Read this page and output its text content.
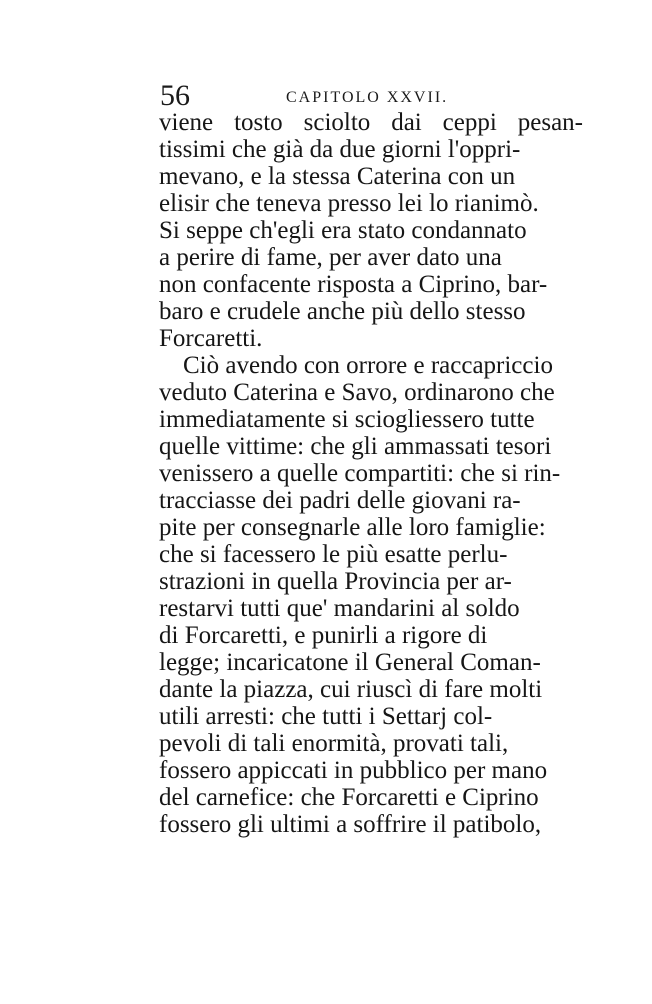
56	CAPITOLO XXVII.
viene tosto sciolto dai ceppi pesan-
tissimi che già da due giorni l'oppri-
mevano, e la stessa Caterina con un
elisir che teneva presso lei lo rianimò.
Si seppe ch'egli era stato condannato
a perire di fame, per aver dato una
non confacente risposta a Ciprino, bar-
baro e crudele anche più dello stesso
Forcaretti.
Ciò avendo con orrore e raccapriccio
veduto Caterina e Savo, ordinarono che
immediatamente si sciogliessero tutte
quelle vittime: che gli ammassati tesori
venissero a quelle compartiti: che si rin-
tracciasse dei padri delle giovani ra-
pite per consegnarle alle loro famiglie:
che si facessero le più esatte perlu-
strazioni in quella Provincia per ar-
restarvi tutti que' mandarini al soldo
di Forcaretti, e punirli a rigore di
legge; incaricatone il General Coman-
dante la piazza, cui riuscì di fare molti
utili arresti: che tutti i Settarj col-
pevoli di tali enormità, provati tali,
fossero appiccati in pubblico per mano
del carnefice: che Forcaretti e Ciprino
fossero gli ultimi a soffrire il patibolo,
